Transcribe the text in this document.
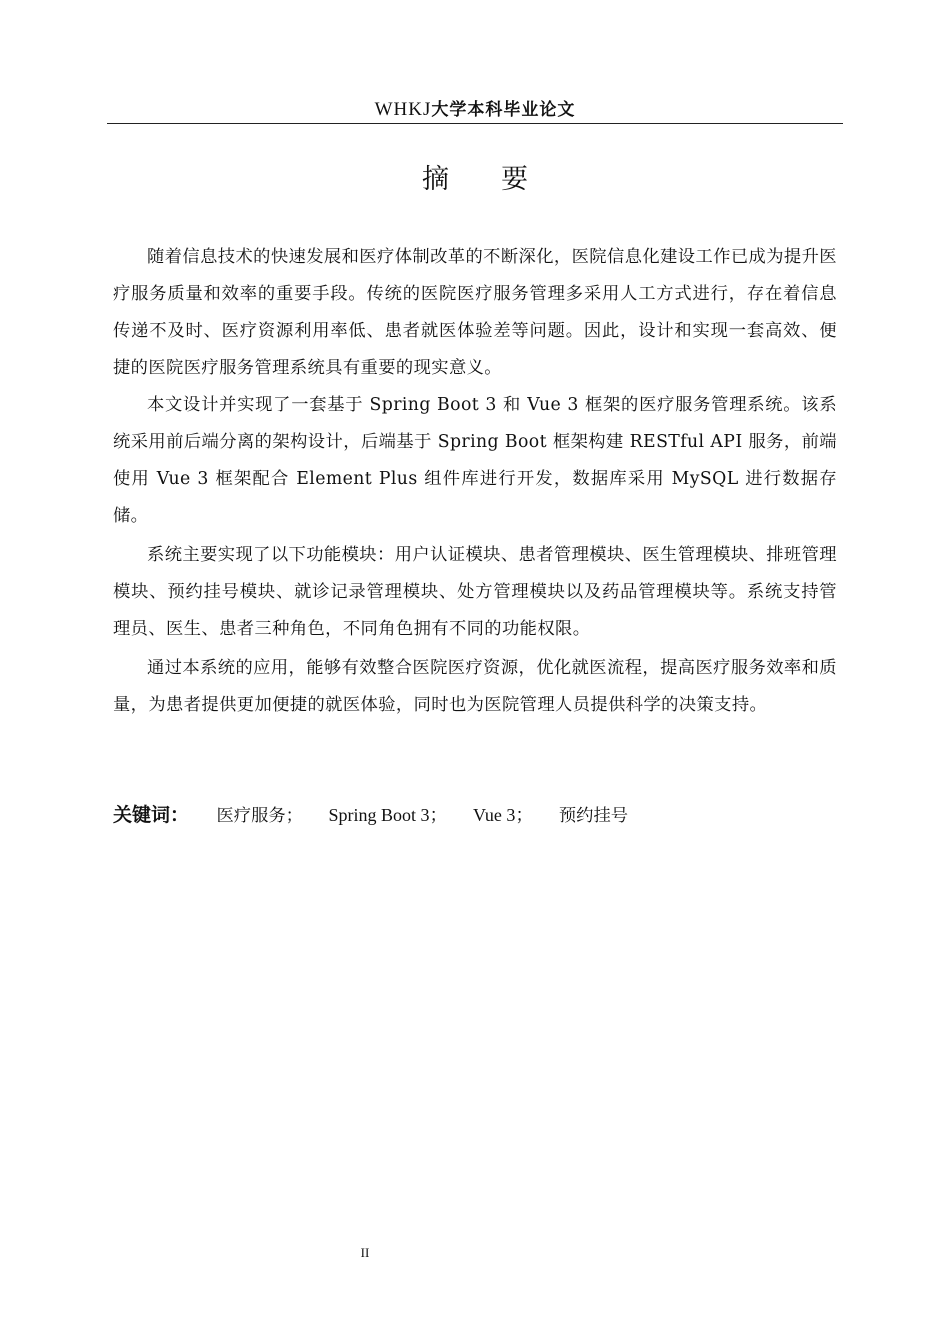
WHKJ大学本科毕业论文
摘 要

随着信息技术的快速发展和医疗体制改革的不断深化，医院信息化建设工作已成为提升医疗服务质量和效率的重要手段。传统的医院医疗服务管理多采用人工方式进行，存在着信息传递不及时、医疗资源利用率低、患者就医体验差等问题。因此，设计和实现一套高效、便捷的医院医疗服务管理系统具有重要的现实意义。

本文设计并实现了一套基于 Spring Boot 3 和 Vue 3 框架的医疗服务管理系统。该系统采用前后端分离的架构设计，后端基于 Spring Boot 框架构建 RESTful API 服务，前端使用 Vue 3 框架配合 Element Plus 组件库进行开发，数据库采用 MySQL 进行数据存储。

系统主要实现了以下功能模块：用户认证模块、患者管理模块、医生管理模块、排班管理模块、预约挂号模块、就诊记录管理模块、处方管理模块以及药品管理模块等。系统支持管理员、医生、患者三种角色，不同角色拥有不同的功能权限。

通过本系统的应用，能够有效整合医院医疗资源，优化就医流程，提高医疗服务效率和质量，为患者提供更加便捷的就医体验，同时也为医院管理人员提供科学的决策支持。

关键词： 医疗服务； Spring Boot 3； Vue 3； 预约挂号
II
